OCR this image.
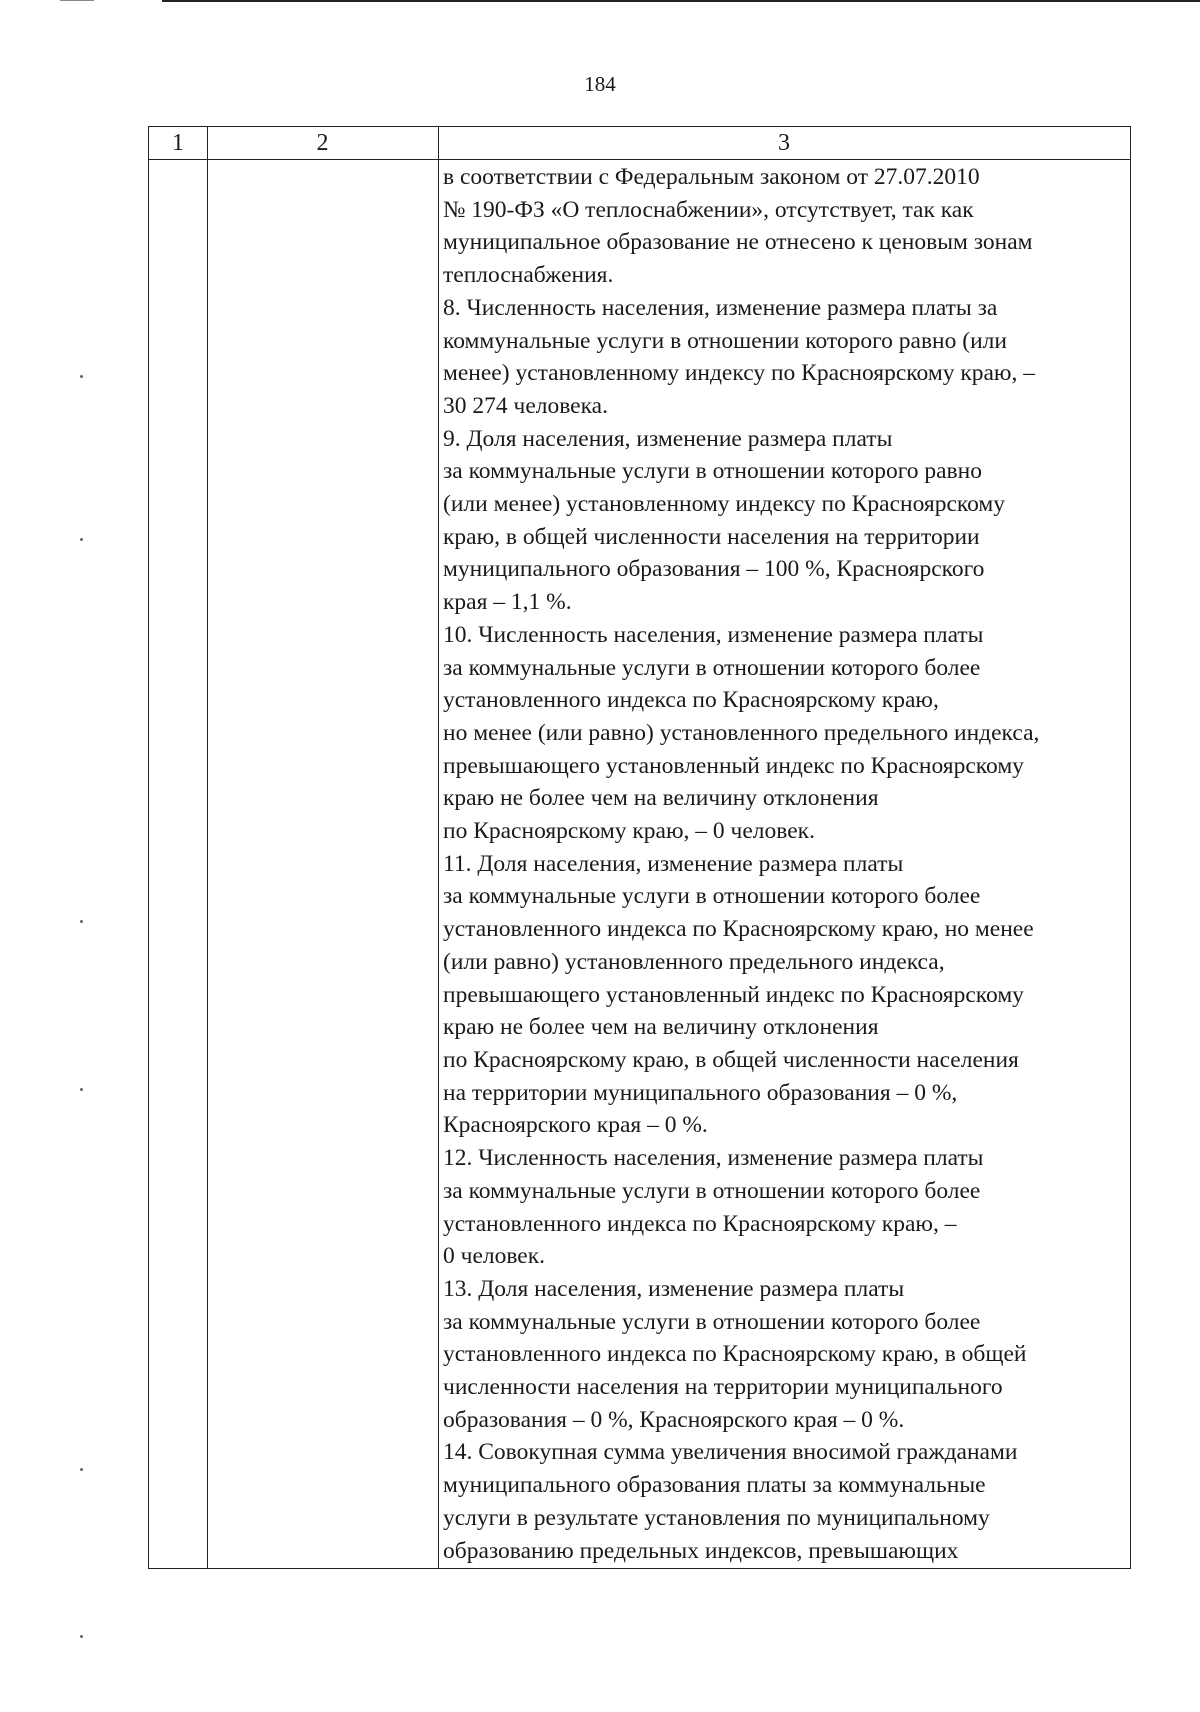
184
1	2	3
в соответствии с Федеральным законом от 27.07.2010
№ 190-ФЗ «О теплоснабжении», отсутствует, так как
муниципальное образование не отнесено к ценовым зонам
теплоснабжения.
8. Численность населения, изменение размера платы за
коммунальные услуги в отношении которого равно (или
менее) установленному индексу по Красноярскому краю, –
30 274 человека.
9. Доля населения, изменение размера платы
за коммунальные услуги в отношении которого равно
(или менее) установленному индексу по Красноярскому
краю, в общей численности населения на территории
муниципального образования – 100 %, Красноярского
края – 1,1 %.
10. Численность населения, изменение размера платы
за коммунальные услуги в отношении которого более
установленного индекса по Красноярскому краю,
но менее (или равно) установленного предельного индекса,
превышающего установленный индекс по Красноярскому
краю не более чем на величину отклонения
по Красноярскому краю, – 0 человек.
11. Доля населения, изменение размера платы
за коммунальные услуги в отношении которого более
установленного индекса по Красноярскому краю, но менее
(или равно) установленного предельного индекса,
превышающего установленный индекс по Красноярскому
краю не более чем на величину отклонения
по Красноярскому краю, в общей численности населения
на территории муниципального образования – 0 %,
Красноярского края – 0 %.
12. Численность населения, изменение размера платы
за коммунальные услуги в отношении которого более
установленного индекса по Красноярскому краю, –
0 человек.
13. Доля населения, изменение размера платы
за коммунальные услуги в отношении которого более
установленного индекса по Красноярскому краю, в общей
численности населения на территории муниципального
образования – 0 %, Красноярского края – 0 %.
14. Совокупная сумма увеличения вносимой гражданами
муниципального образования платы за коммунальные
услуги в результате установления по муниципальному
образованию предельных индексов, превышающих
